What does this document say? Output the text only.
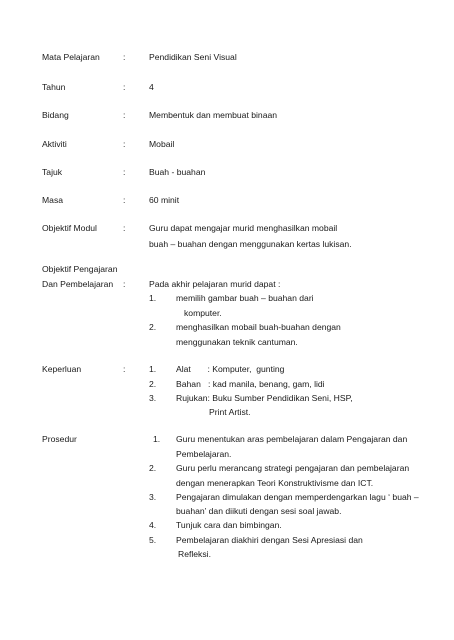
Mata Pelajaran	:	Pendidikan Seni Visual
Tahun	:	4
Bidang	:	Membentuk dan membuat binaan
Aktiviti	:	Mobail
Tajuk	:	Buah - buahan
Masa	:	60 minit
Objektif Modul	:	Guru dapat mengajar murid menghasilkan mobail
buah – buahan dengan menggunakan kertas lukisan.
Objektif Pengajaran
Dan Pembelajaran :	Pada akhir pelajaran murid dapat :
1. memilih gambar buah – buahan dari
komputer.
2. menghasilkan mobail buah-buahan dengan
menggunakan teknik cantuman.
Keperluan	:	1. Alat       : Komputer,  gunting
2. Bahan   : kad manila, benang, gam, lidi
3. Rujukan: Buku Sumber Pendidikan Seni, HSP,
Print Artist.
Prosedur	1. Guru menentukan aras pembelajaran dalam Pengajaran dan
Pembelajaran.
2. Guru perlu merancang strategi pengajaran dan pembelajaran
dengan menerapkan Teori Konstruktivisme dan ICT.
3. Pengajaran dimulakan dengan memperdengarkan lagu ‘ buah –
buahan’ dan diikuti dengan sesi soal jawab.
4. Tunjuk cara dan bimbingan.
5. Pembelajaran diakhiri dengan Sesi Apresiasi dan
Refleksi.
